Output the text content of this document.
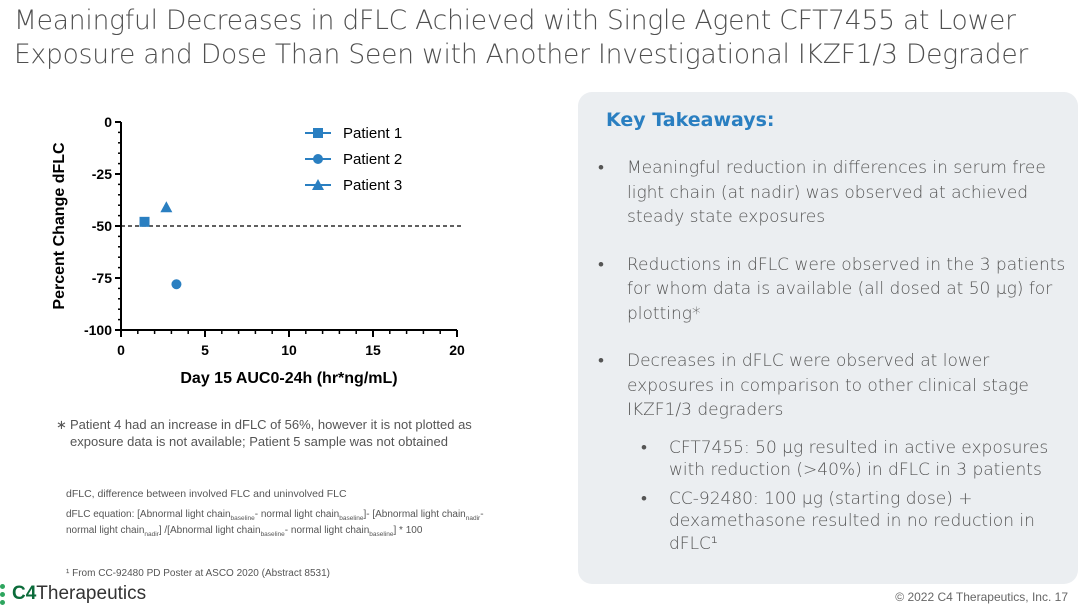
Meaningful Decreases in dFLC Achieved with Single Agent CFT7455 at Lower
Exposure and Dose Than Seen with Another Investigational IKZF1/3 Degrader
0
-25
-50
-75
-100
0	5	10	15	20
Day 15 AUC0-24h (hr*ng/mL)
Percent Change dFLC
Patient 1
Patient 2
Patient 3
∗ Patient 4 had an increase in dFLC of 56%, however it is not plotted as exposure data is not available; Patient 5 sample was not obtained
dFLC, difference between involved FLC and uninvolved FLC
dFLC equation: [Abnormal light chain$_{baseline}$- normal light chain$_{baseline}$]- [Abnormal light chain$_{nadir}$- normal light chain$_{nadir}$] /[Abnormal light chain$_{baseline}$- normal light chain$_{baseline}$] * 100
¹ From CC-92480 PD Poster at ASCO 2020 (Abstract 8531)
C4Therapeutics
Key Takeaways:
• Meaningful reduction in differences in serum free light chain (at nadir) was observed at achieved steady state exposures
• Reductions in dFLC were observed in the 3 patients for whom data is available (all dosed at 50 µg) for plotting*
• Decreases in dFLC were observed at lower exposures in comparison to other clinical stage IKZF1/3 degraders
• CFT7455: 50 µg resulted in active exposures with reduction (>40%) in dFLC in 3 patients
• CC-92480: 100 µg (starting dose) + dexamethasone resulted in no reduction in dFLC¹
© 2022 C4 Therapeutics, Inc. 17
